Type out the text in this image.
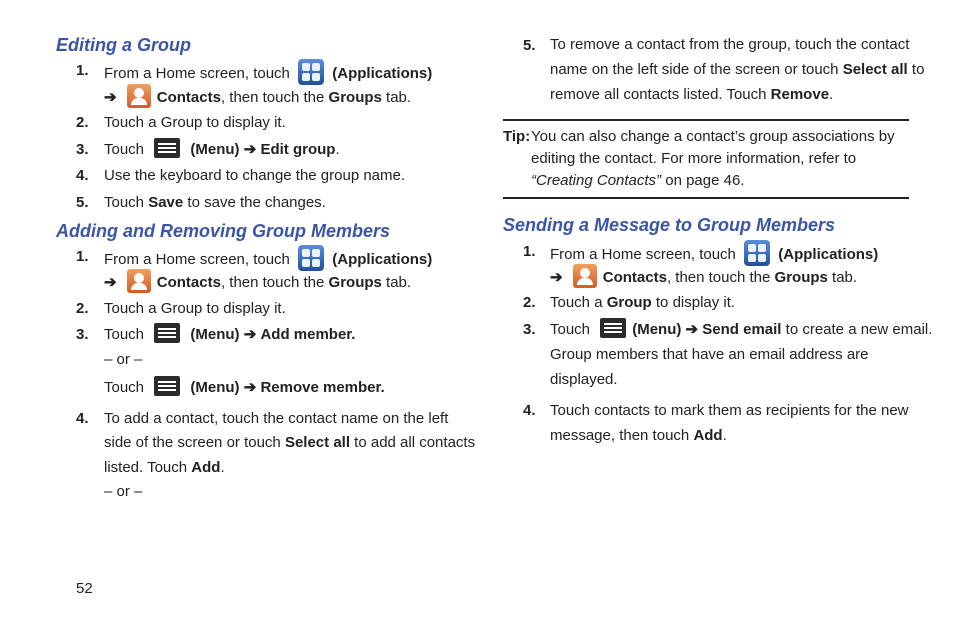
Editing a Group
1. From a Home screen, touch	(Applications)
➔	Contacts, then touch the Groups tab.
2. Touch a Group to display it.
3. Touch	(Menu) ➔ Edit group.
4. Use the keyboard to change the group name.
5. Touch Save to save the changes.
Adding and Removing Group Members
1. From a Home screen, touch	(Applications)
➔	Contacts, then touch the Groups tab.
2. Touch a Group to display it.
3. Touch	(Menu) ➔ Add member.
– or –
Touch	(Menu) ➔ Remove member.
4. To add a contact, touch the contact name on the left
side of the screen or touch Select all to add all contacts
listed. Touch Add.
– or –
5. To remove a contact from the group, touch the contact
name on the left side of the screen or touch Select all to
remove all contacts listed. Touch Remove.
Tip: You can also change a contact’s group associations by
editing the contact. For more information, refer to
“Creating Contacts” on page 46.
Sending a Message to Group Members
1. From a Home screen, touch	(Applications)
➔	Contacts, then touch the Groups tab.
2. Touch a Group to display it.
3. Touch	(Menu) ➔ Send email to create a new email.
Group members that have an email address are
displayed.
4. Touch contacts to mark them as recipients for the new
message, then touch Add.
52
